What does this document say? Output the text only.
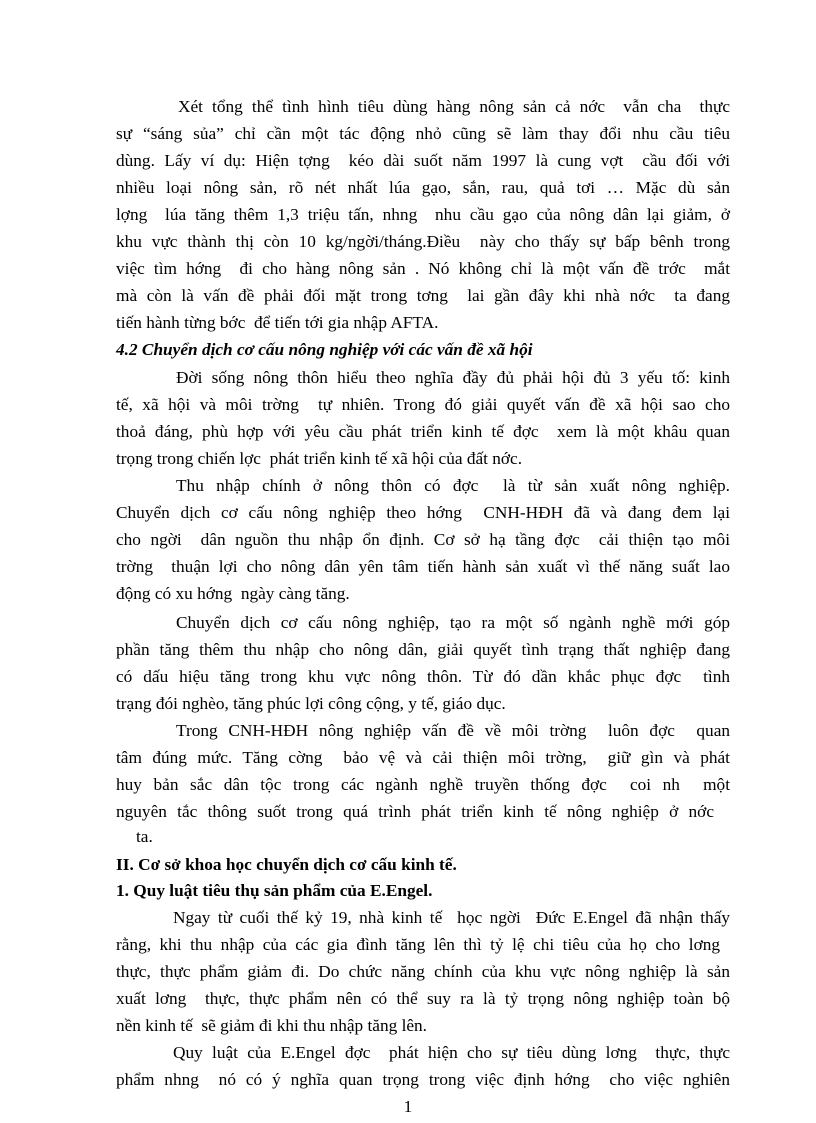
Xét tổng thể tình hình tiêu dùng hàng nông sản cả nớc  vẫn cha  thực
sự “sáng sủa” chỉ cần một tác động nhỏ cũng sẽ làm thay đổi nhu cầu tiêu
dùng. Lấy ví dụ: Hiện tợng  kéo dài suốt năm 1997 là cung vợt  cầu đối với
nhiều loại nông sản, rõ nét nhất lúa gạo, sắn, rau, quả tơi … Mặc dù sản
lợng  lúa tăng thêm 1,3 triệu tấn, nhng  nhu cầu gạo của nông dân lại giảm, ở
khu vực thành thị còn 10 kg/ngời/tháng.Điều  này cho thấy sự bấp bênh trong
việc tìm hớng  đi cho hàng nông sản . Nó không chỉ là một vấn đề trớc  mắt
mà còn là vấn đề phải đối mặt trong tơng  lai gần đây khi nhà nớc  ta đang
tiến hành từng bớc  để tiến tới gia nhập AFTA.
4.2 Chuyển dịch cơ cấu nông nghiệp với các vấn đề xã hội
Đời sống nông thôn hiểu theo nghĩa đầy đủ phải hội đủ 3 yếu tố: kinh
tế, xã hội và môi trờng  tự nhiên. Trong đó giải quyết vấn đề xã hội sao cho
thoả đáng, phù hợp với yêu cầu phát triển kinh tế đợc  xem là một khâu quan
trọng trong chiến lợc  phát triển kinh tế xã hội của đất nớc.
Thu nhập chính ở nông thôn có đợc  là từ sản xuất nông nghiệp.
Chuyển dịch cơ cấu nông nghiệp theo hớng  CNH-HĐH đã và đang đem lại
cho ngời  dân nguồn thu nhập ổn định. Cơ sở hạ tầng đợc  cải thiện tạo môi
trờng  thuận lợi cho nông dân yên tâm tiến hành sản xuất vì thế năng suất lao
động có xu hớng  ngày càng tăng.
Chuyển dịch cơ cấu nông nghiệp, tạo ra một số ngành nghề mới góp
phần tăng thêm thu nhập cho nông dân, giải quyết tình trạng thất nghiệp đang
có dấu hiệu tăng trong khu vực nông thôn. Từ đó dần khắc phục đợc  tình
trạng đói nghèo, tăng phúc lợi công cộng, y tế, giáo dục.
Trong CNH-HĐH nông nghiệp vấn đề về môi trờng  luôn đợc  quan
tâm đúng mức. Tăng cờng  bảo vệ và cải thiện môi trờng,  giữ gìn và phát
huy bản sắc dân tộc trong các ngành nghề truyền thống đợc  coi nh  một
nguyên tắc thông suốt trong quá trình phát triển kinh tế nông nghiệp ở nớc
ta.
II. Cơ sở khoa học chuyển dịch cơ cấu kinh tế.
1. Quy luật tiêu thụ sản phẩm của E.Engel.
Ngay từ cuối thế kỷ 19, nhà kinh tế  học ngời  Đức E.Engel đã nhận thấy
rằng, khi thu nhập của các gia đình tăng lên thì tỷ lệ chi tiêu của họ cho lơng
thực, thực phẩm giảm đi. Do chức năng chính của khu vực nông nghiệp là sản
xuất lơng  thực, thực phẩm nên có thể suy ra là tỷ trọng nông nghiệp toàn bộ
nền kinh tế  sẽ giảm đi khi thu nhập tăng lên.
Quy luật của E.Engel đợc  phát hiện cho sự tiêu dùng lơng  thực, thực
phẩm nhng  nó có ý nghĩa quan trọng trong việc định hớng  cho việc nghiên
1
